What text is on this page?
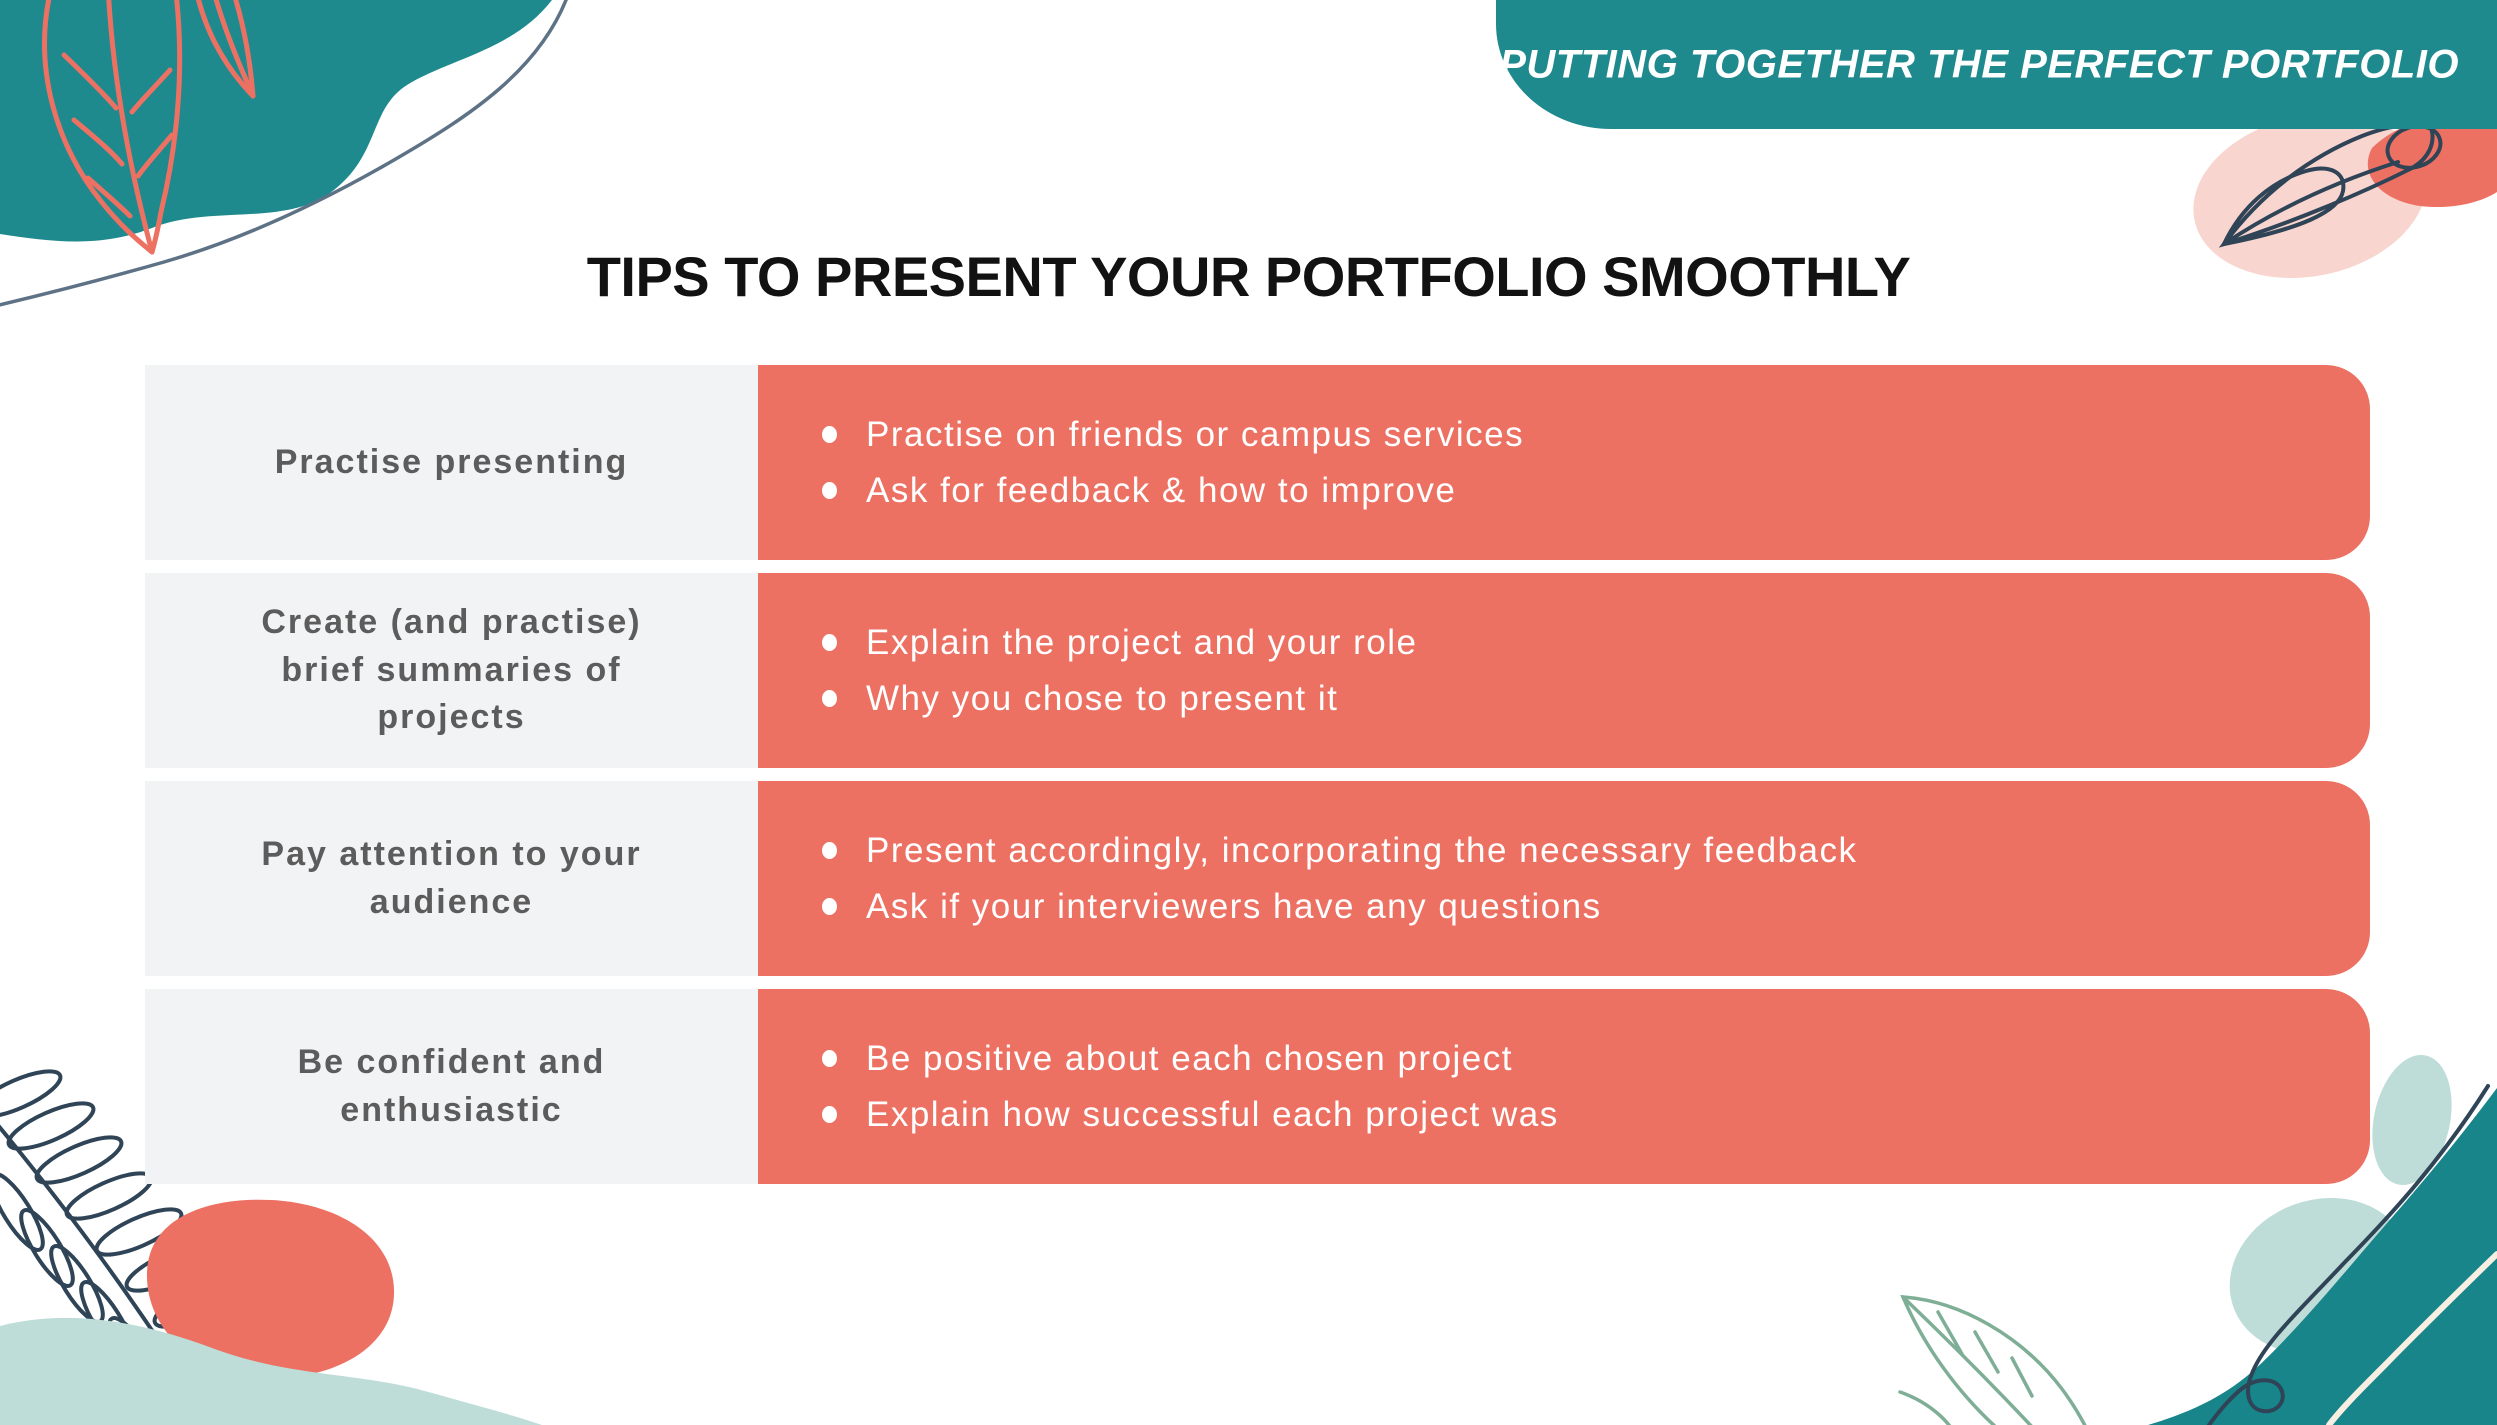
PUTTING TOGETHER THE PERFECT PORTFOLIO
TIPS TO PRESENT YOUR PORTFOLIO SMOOTHLY
Practise presenting
Practise on friends or campus services
Ask for feedback & how to improve
Create (and practise) brief summaries of projects
Explain the project and your role
Why you chose to present it
Pay attention to your audience
Present accordingly, incorporating the necessary feedback
Ask if your interviewers have any questions
Be confident and enthusiastic
Be positive about each chosen project
Explain how successful each project was
